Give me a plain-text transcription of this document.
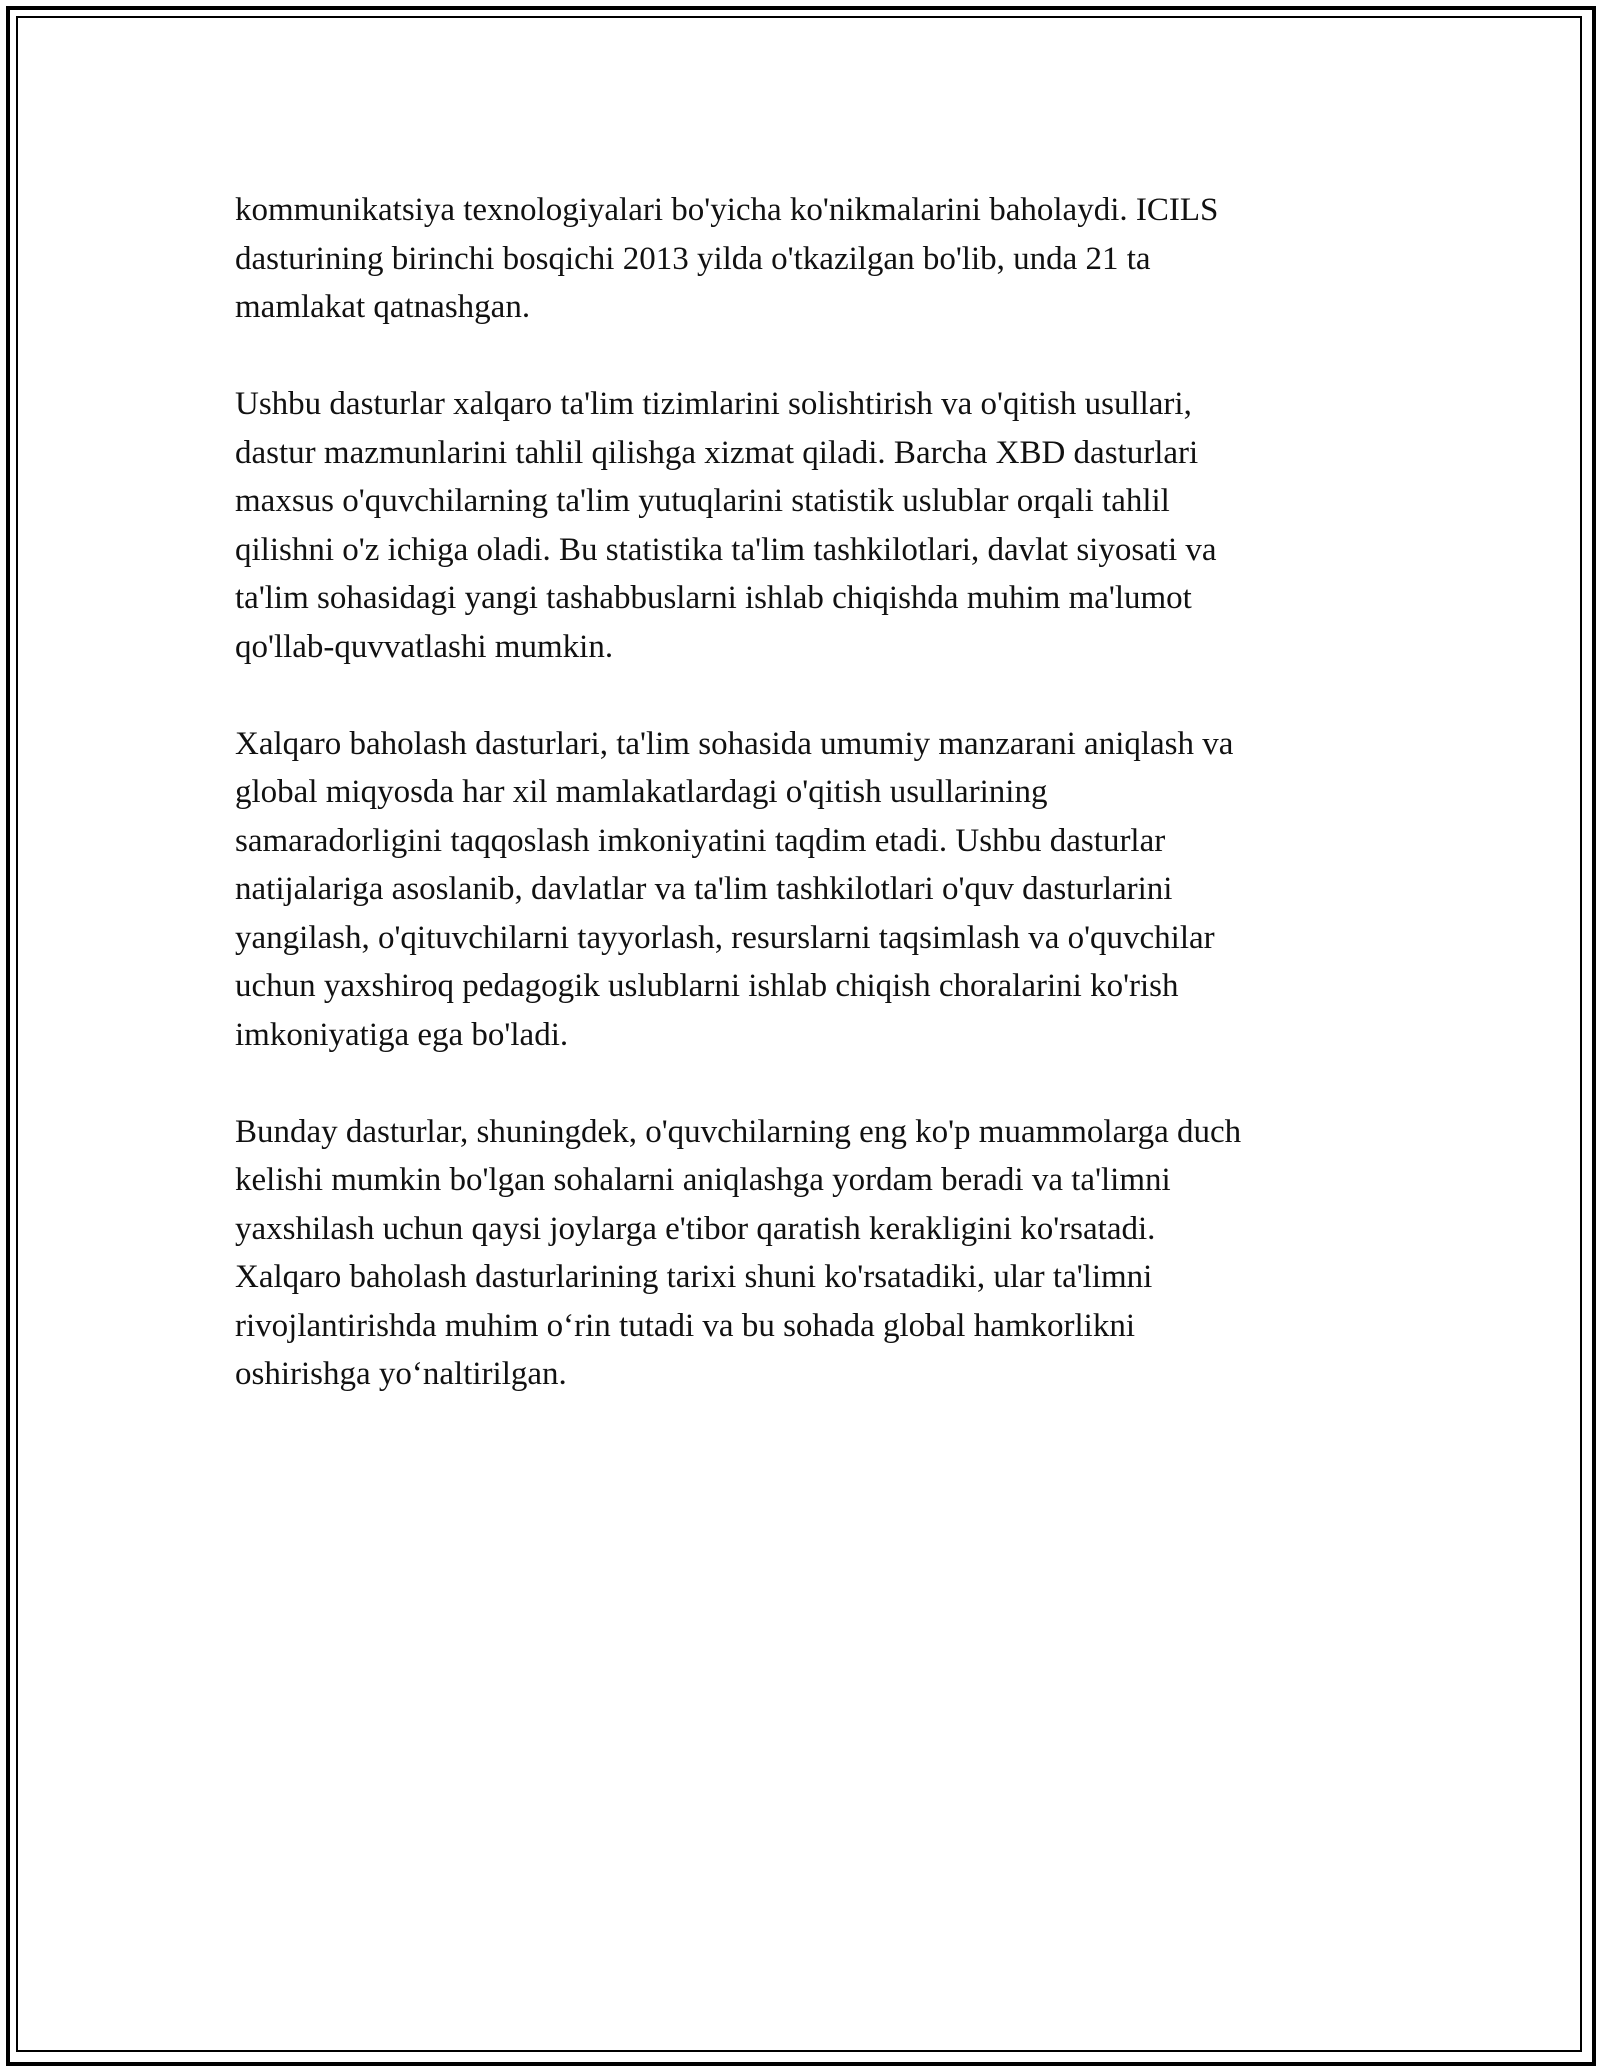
kommunikatsiya texnologiyalari bo'yicha ko'nikmalarini baholaydi. ICILS
dasturining birinchi bosqichi 2013 yilda o'tkazilgan bo'lib, unda 21 ta
mamlakat qatnashgan.

Ushbu dasturlar xalqaro ta'lim tizimlarini solishtirish va o'qitish usullari,
dastur mazmunlarini tahlil qilishga xizmat qiladi. Barcha XBD dasturlari
maxsus o'quvchilarning ta'lim yutuqlarini statistik uslublar orqali tahlil
qilishni o'z ichiga oladi. Bu statistika ta'lim tashkilotlari, davlat siyosati va
ta'lim sohasidagi yangi tashabbuslarni ishlab chiqishda muhim ma'lumot
qo'llab-quvvatlashi mumkin.

Xalqaro baholash dasturlari, ta'lim sohasida umumiy manzarani aniqlash va
global miqyosda har xil mamlakatlardagi o'qitish usullarining
samaradorligini taqqoslash imkoniyatini taqdim etadi. Ushbu dasturlar
natijalariga asoslanib, davlatlar va ta'lim tashkilotlari o'quv dasturlarini
yangilash, o'qituvchilarni tayyorlash, resurslarni taqsimlash va o'quvchilar
uchun yaxshiroq pedagogik uslublarni ishlab chiqish choralarini ko'rish
imkoniyatiga ega bo'ladi.

Bunday dasturlar, shuningdek, o'quvchilarning eng ko'p muammolarga duch
kelishi mumkin bo'lgan sohalarni aniqlashga yordam beradi va ta'limni
yaxshilash uchun qaysi joylarga e'tibor qaratish kerakligini ko'rsatadi.
Xalqaro baholash dasturlarining tarixi shuni ko'rsatadiki, ular ta'limni
rivojlantirishda muhim o‘rin tutadi va bu sohada global hamkorlikni
oshirishga yo‘naltirilgan.
